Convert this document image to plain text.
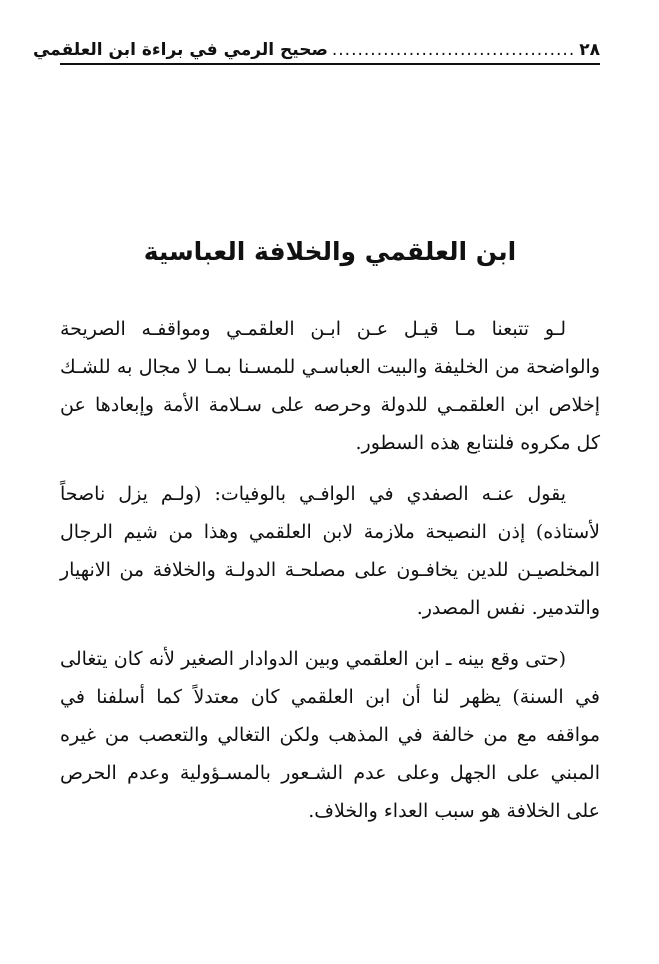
٢٨
......................................
صحيح الرمي في براءة ابن العلقمي
ابن العلقمي والخلافة العباسية

لـو تتبعنا مـا قيـل عـن ابـن العلقمـي ومواقفـه الصريحة والواضحة من الخليفة والبيت العباسـي للمسـنا بمـا لا مجال به للشـك إخلاص ابن العلقمـي للدولة وحرصه على سـلامة الأمة وإبعادها عن كل مكروه فلنتابع هذه السطور.

يقول عنـه الصفدي في الوافـي بالوفيات: (ولـم يزل ناصحاً لأستاذه) إذن النصيحة ملازمة لابن العلقمي وهذا من شيم الرجال المخلصيـن للدين يخافـون على مصلحـة الدولـة والخلافة من الانهيار والتدمير. نفس المصدر.

(حتى وقع بينه ـ ابن العلقمي وبين الدوادار الصغير لأنه كان يتغالى في السنة) يظهر لنا أن ابن العلقمي كان معتدلاً كما أسلفنا في مواقفه مع من خالفة في المذهب ولكن التغالي والتعصب من غيره المبني على الجهل وعلى عدم الشـعور بالمسـؤولية وعدم الحرص على الخلافة هو سبب العداء والخلاف.
